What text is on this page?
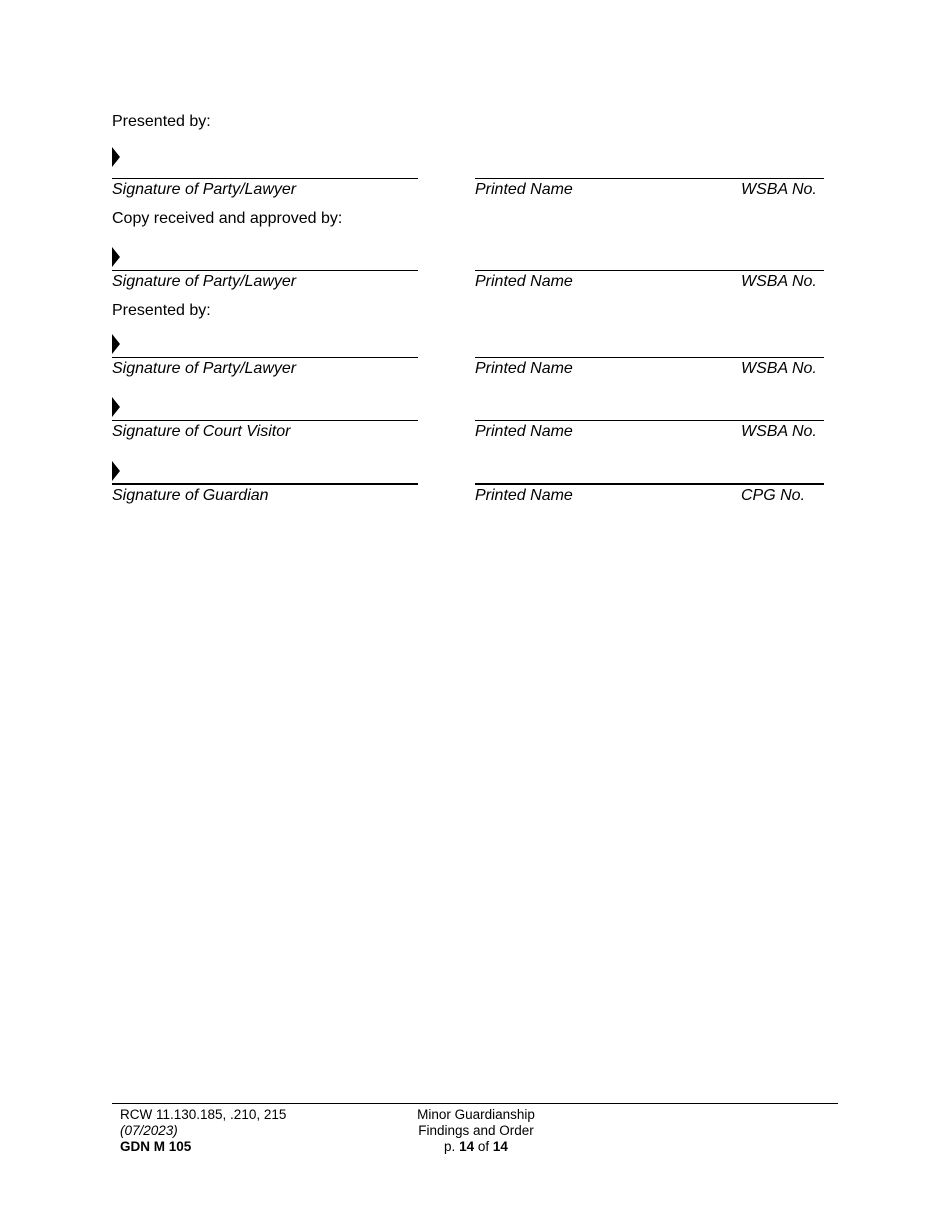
Presented by:
Signature of Party/Lawyer	Printed Name	WSBA No.
Copy received and approved by:
Signature of Party/Lawyer	Printed Name	WSBA No.
Presented by:
Signature of Party/Lawyer	Printed Name	WSBA No.
Signature of Court Visitor	Printed Name	WSBA No.
Signature of Guardian	Printed Name	CPG No.
RCW 11.130.185, .210, 215
(07/2023)
GDN M 105
Minor Guardianship
Findings and Order
p. 14 of 14
